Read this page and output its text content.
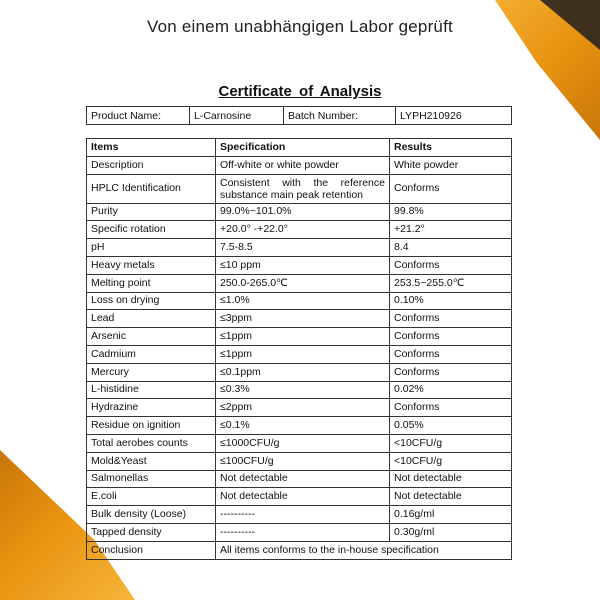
Von einem unabhängigen Labor geprüft
Certificate of Analysis
Product Name:	L-Carnosine	Batch Number:	LYPH210926
Items	Specification	Results
Description	Off-white or white powder	White powder
HPLC Identification	Consistent with the reference substance main peak retention	Conforms
Purity	99.0%~101.0%	99.8%
Specific rotation	+20.0° -+22.0°	+21.2°
pH	7.5-8.5	8.4
Heavy metals	≤10 ppm	Conforms
Melting point	250.0-265.0℃	253.5~255.0℃
Loss on drying	≤1.0%	0.10%
Lead	≤3ppm	Conforms
Arsenic	≤1ppm	Conforms
Cadmium	≤1ppm	Conforms
Mercury	≤0.1ppm	Conforms
L-histidine	≤0.3%	0.02%
Hydrazine	≤2ppm	Conforms
Residue on ignition	≤0.1%	0.05%
Total aerobes counts	≤1000CFU/g	<10CFU/g
Mold&Yeast	≤100CFU/g	<10CFU/g
Salmonellas	Not detectable	Not detectable
E.coli	Not detectable	Not detectable
Bulk density (Loose)	----------	0.16g/ml
Tapped density	----------	0.30g/ml
Conclusion	All items conforms to the in-house specification	
